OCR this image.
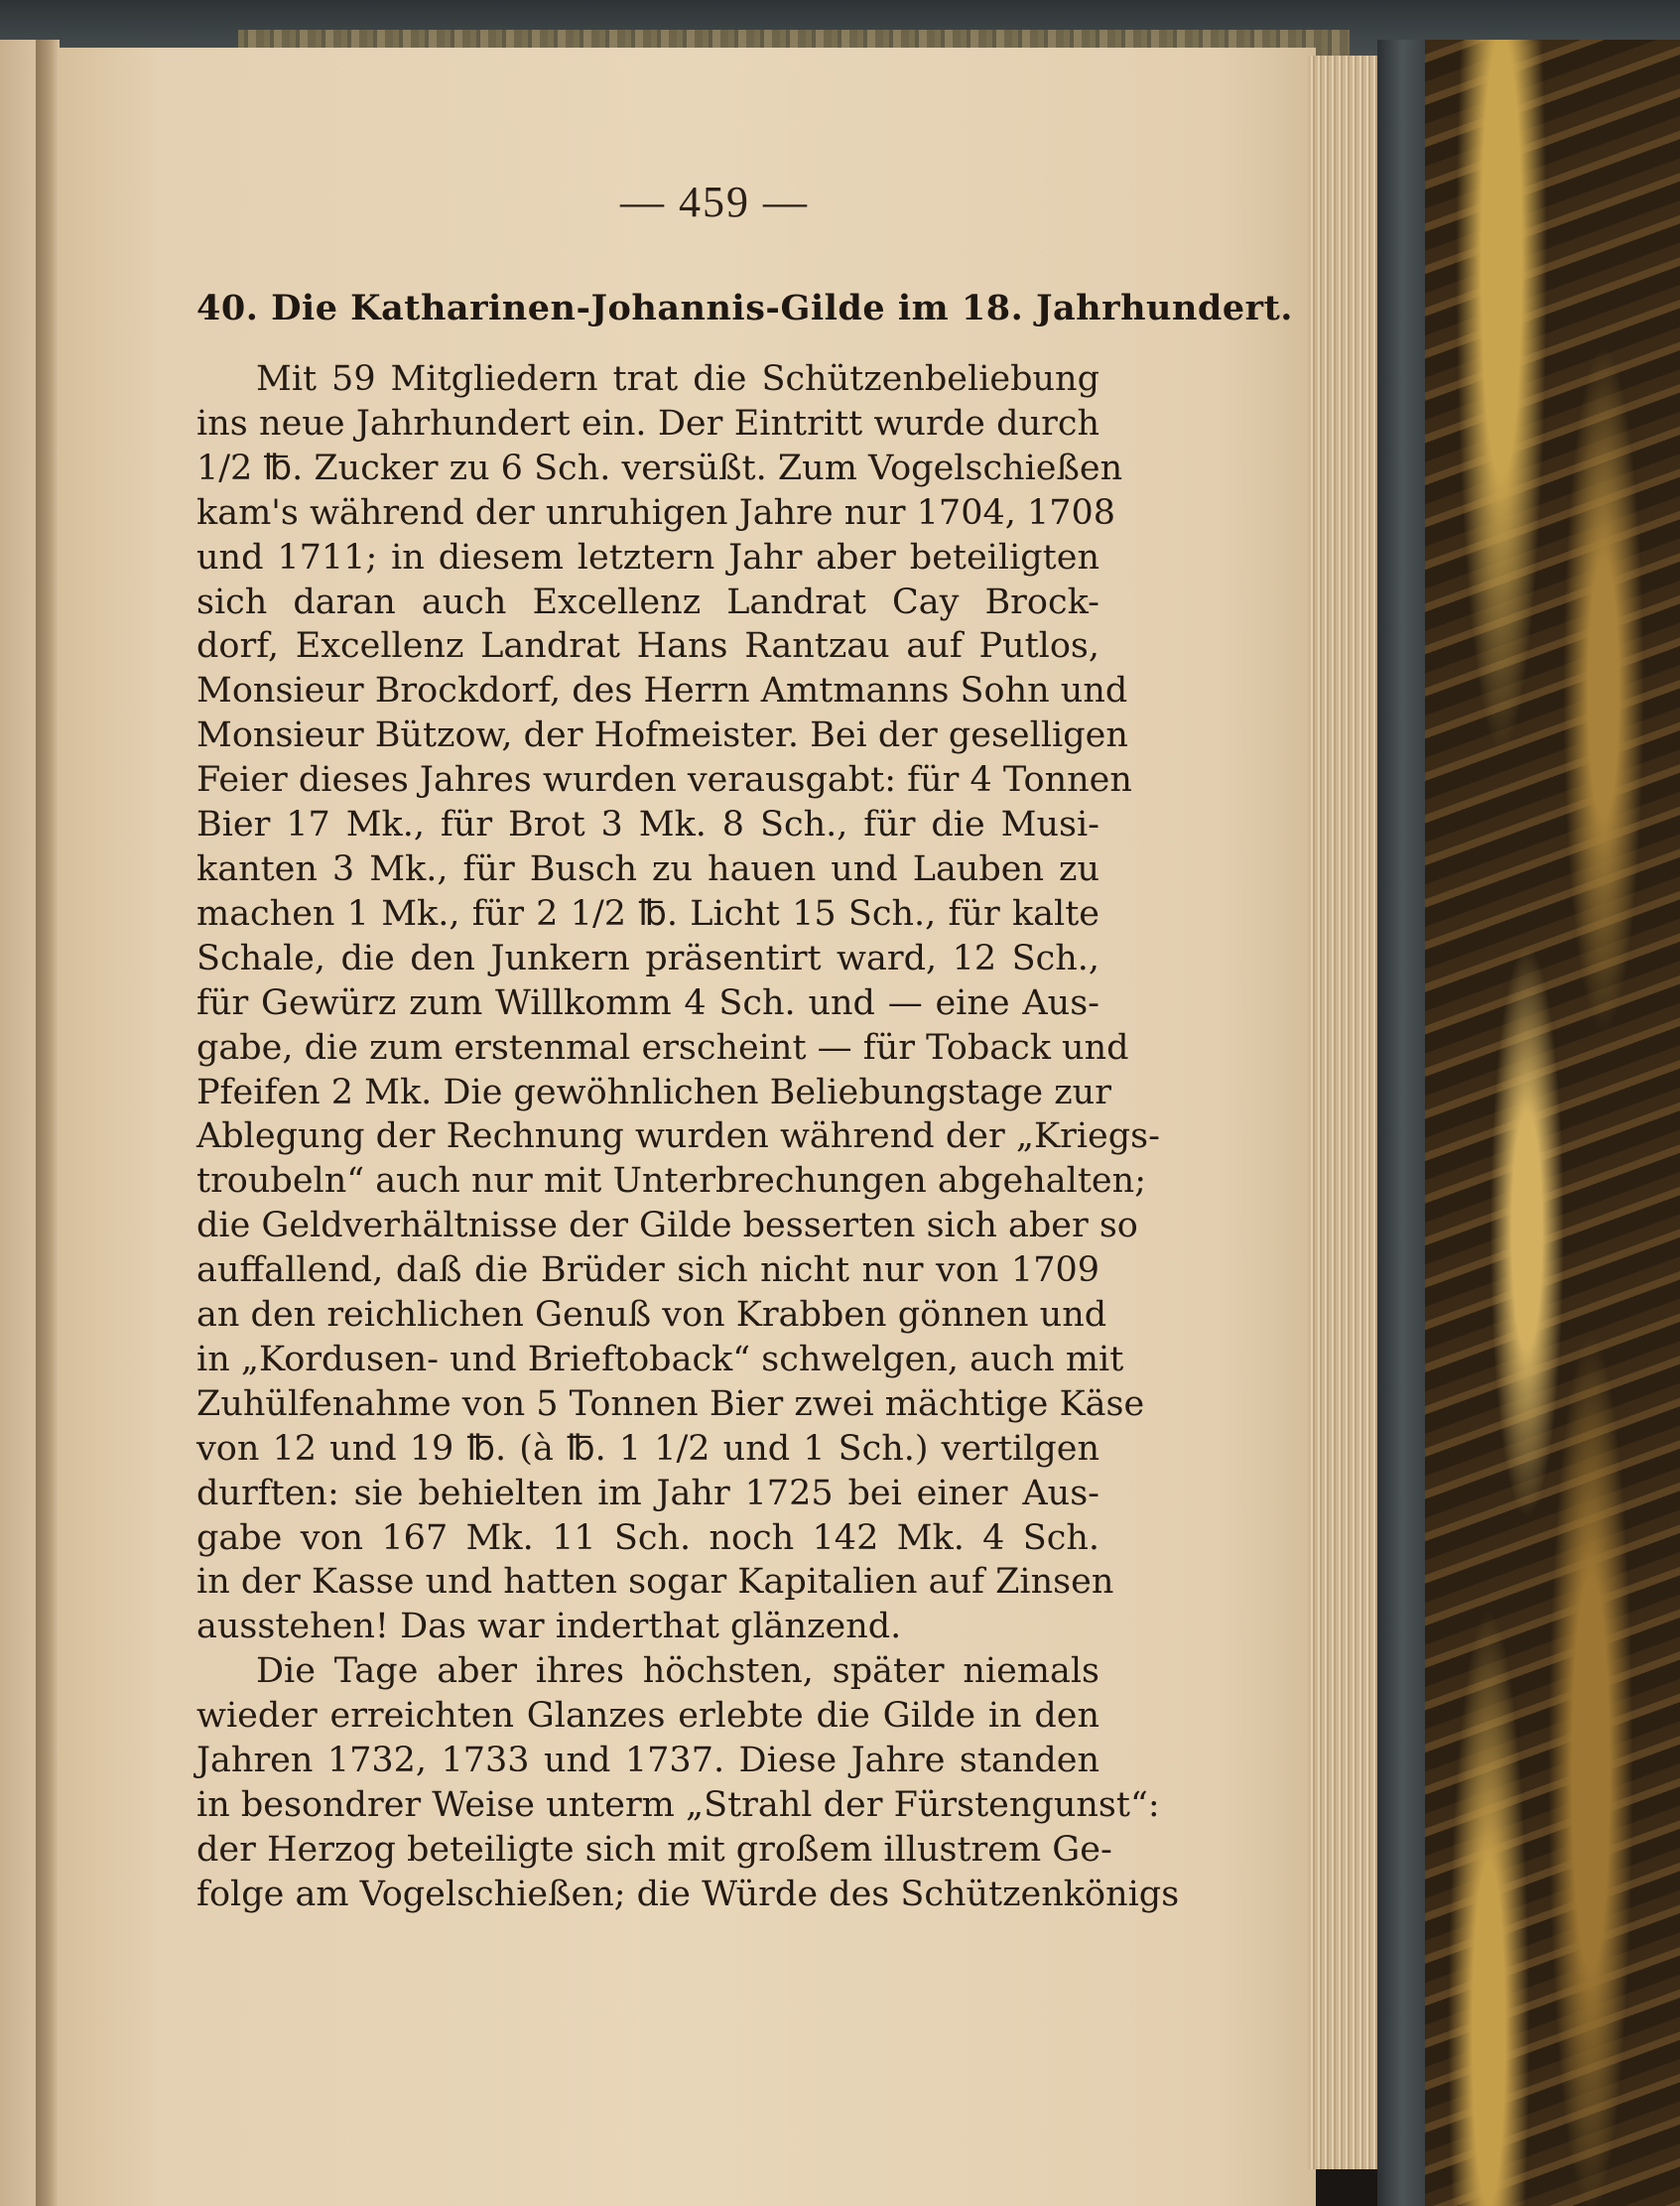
— 459 —
40. Die Katharinen-Johannis-Gilde im 18. Jahrhundert.
Mit 59 Mitgliedern trat die Schützenbeliebung
ins neue Jahrhundert ein. Der Eintritt wurde durch
1/2 ℔. Zucker zu 6 Sch. versüßt. Zum Vogelschießen
kam's während der unruhigen Jahre nur 1704, 1708
und 1711; in diesem letztern Jahr aber beteiligten
sich daran auch Excellenz Landrat Cay Brock-
dorf, Excellenz Landrat Hans Rantzau auf Putlos,
Monsieur Brockdorf, des Herrn Amtmanns Sohn und
Monsieur Bützow, der Hofmeister. Bei der geselligen
Feier dieses Jahres wurden verausgabt: für 4 Tonnen
Bier 17 Mk., für Brot 3 Mk. 8 Sch., für die Musi-
kanten 3 Mk., für Busch zu hauen und Lauben zu
machen 1 Mk., für 2 1/2 ℔. Licht 15 Sch., für kalte
Schale, die den Junkern präsentirt ward, 12 Sch.,
für Gewürz zum Willkomm 4 Sch. und — eine Aus-
gabe, die zum erstenmal erscheint — für Toback und
Pfeifen 2 Mk. Die gewöhnlichen Beliebungstage zur
Ablegung der Rechnung wurden während der „Kriegs-
troubeln“ auch nur mit Unterbrechungen abgehalten;
die Geldverhältnisse der Gilde besserten sich aber so
auffallend, daß die Brüder sich nicht nur von 1709
an den reichlichen Genuß von Krabben gönnen und
in „Kordusen- und Brieftoback“ schwelgen, auch mit
Zuhülfenahme von 5 Tonnen Bier zwei mächtige Käse
von 12 und 19 ℔. (à ℔. 1 1/2 und 1 Sch.) vertilgen
durften: sie behielten im Jahr 1725 bei einer Aus-
gabe von 167 Mk. 11 Sch. noch 142 Mk. 4 Sch.
in der Kasse und hatten sogar Kapitalien auf Zinsen
ausstehen! Das war inderthat glänzend.
Die Tage aber ihres höchsten, später niemals
wieder erreichten Glanzes erlebte die Gilde in den
Jahren 1732, 1733 und 1737. Diese Jahre standen
in besondrer Weise unterm „Strahl der Fürstengunst“:
der Herzog beteiligte sich mit großem illustrem Ge-
folge am Vogelschießen; die Würde des Schützenkönigs
